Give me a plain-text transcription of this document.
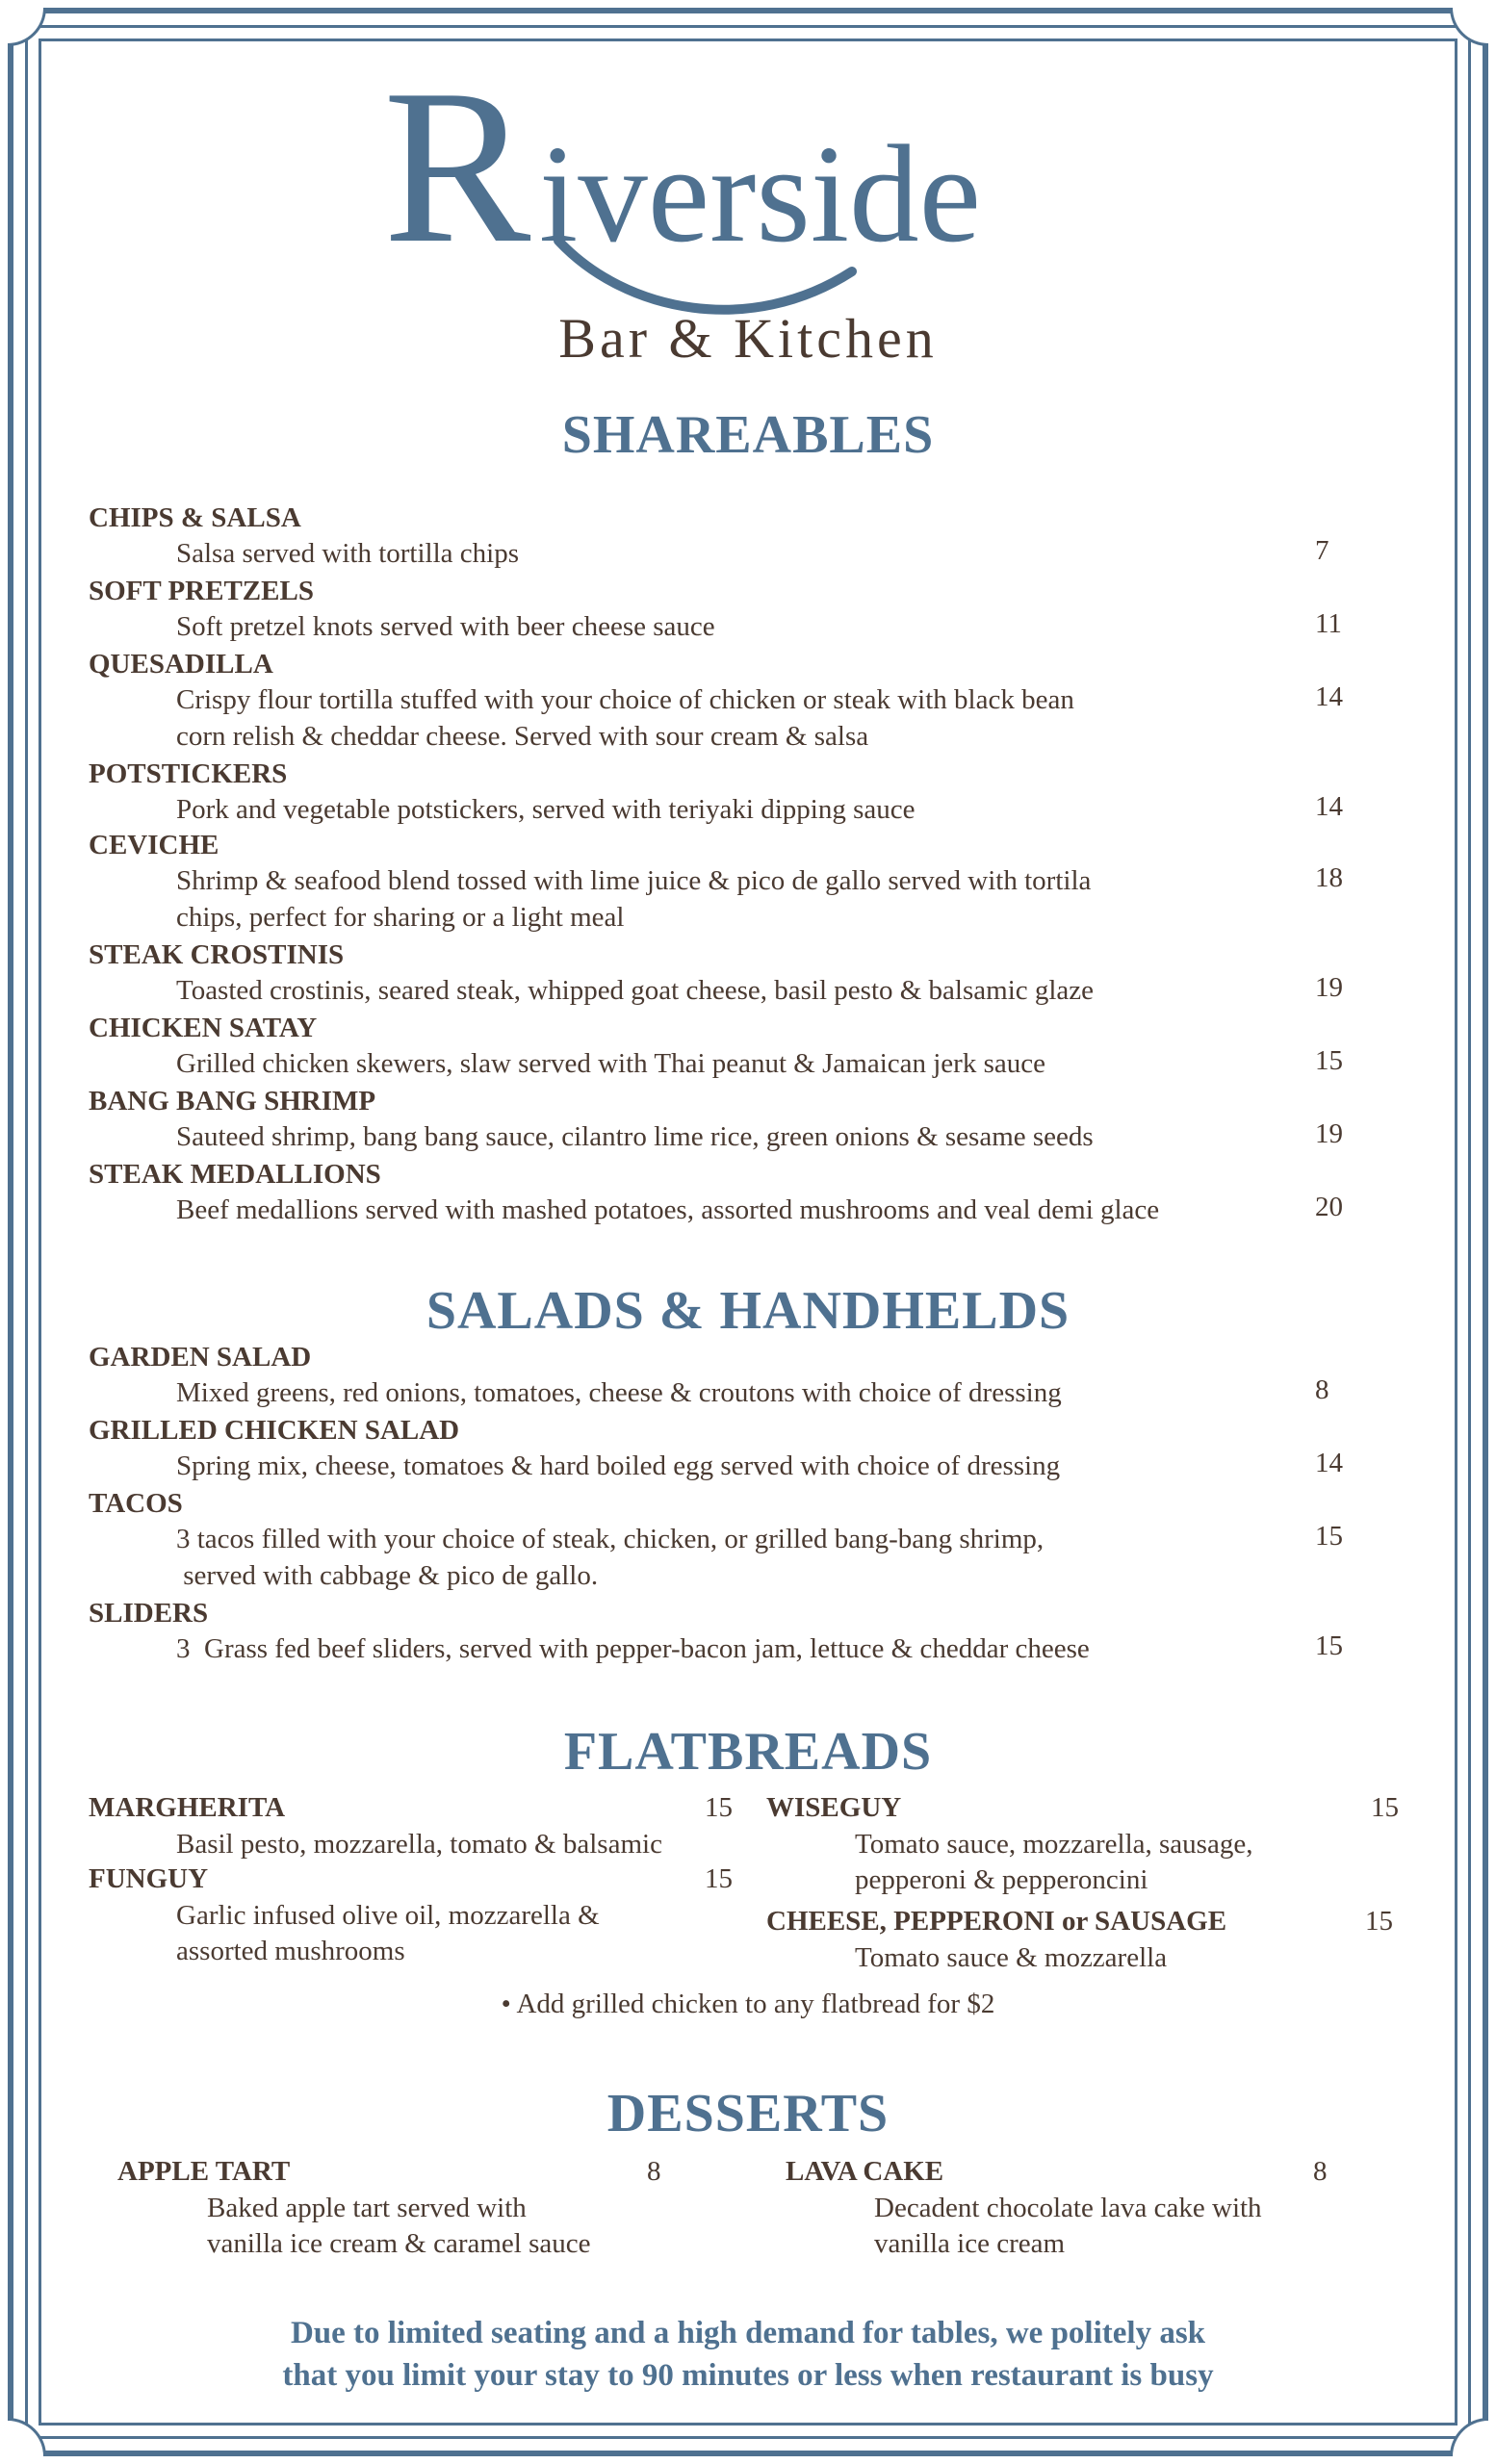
R iverside
Bar & Kitchen
SHAREABLES
CHIPS & SALSA
Salsa served with tortilla chips	7
SOFT PRETZELS
Soft pretzel knots served with beer cheese sauce	11
QUESADILLA
Crispy flour tortilla stuffed with your choice of chicken or steak with black bean
corn relish & cheddar cheese. Served with sour cream & salsa
14
POTSTICKERS
Pork and vegetable potstickers, served with teriyaki dipping sauce	14
CEVICHE
Shrimp & seafood blend tossed with lime juice & pico de gallo served with tortila
chips, perfect for sharing or a light meal
18
STEAK CROSTINIS
Toasted crostinis, seared steak, whipped goat cheese, basil pesto & balsamic glaze	19
CHICKEN SATAY
Grilled chicken skewers, slaw served with Thai peanut & Jamaican jerk sauce	15
BANG BANG SHRIMP
Sauteed shrimp, bang bang sauce, cilantro lime rice, green onions & sesame seeds	19
STEAK MEDALLIONS
Beef medallions served with mashed potatoes, assorted mushrooms and veal demi glace	20
SALADS & HANDHELDS
GARDEN SALAD
Mixed greens, red onions, tomatoes, cheese & croutons with choice of dressing	8
GRILLED CHICKEN SALAD
Spring mix, cheese, tomatoes & hard boiled egg served with choice of dressing	14
TACOS
3 tacos filled with your choice of steak, chicken, or grilled bang-bang shrimp,
served with cabbage & pico de gallo.
15
SLIDERS
3  Grass fed beef sliders, served with pepper-bacon jam, lettuce & cheddar cheese	15
FLATBREADS
MARGHERITA	15
Basil pesto, mozzarella, tomato & balsamic
FUNGUY	15
Garlic infused olive oil, mozzarella &
assorted mushrooms
WISEGUY	15
Tomato sauce, mozzarella, sausage,
pepperoni & pepperoncini
CHEESE, PEPPERONI or SAUSAGE	15
Tomato sauce & mozzarella
• Add grilled chicken to any flatbread for $2
DESSERTS
APPLE TART	8
Baked apple tart served with
vanilla ice cream & caramel sauce
LAVA CAKE	8
Decadent chocolate lava cake with
vanilla ice cream
Due to limited seating and a high demand for tables, we politely ask
that you limit your stay to 90 minutes or less when restaurant is busy
